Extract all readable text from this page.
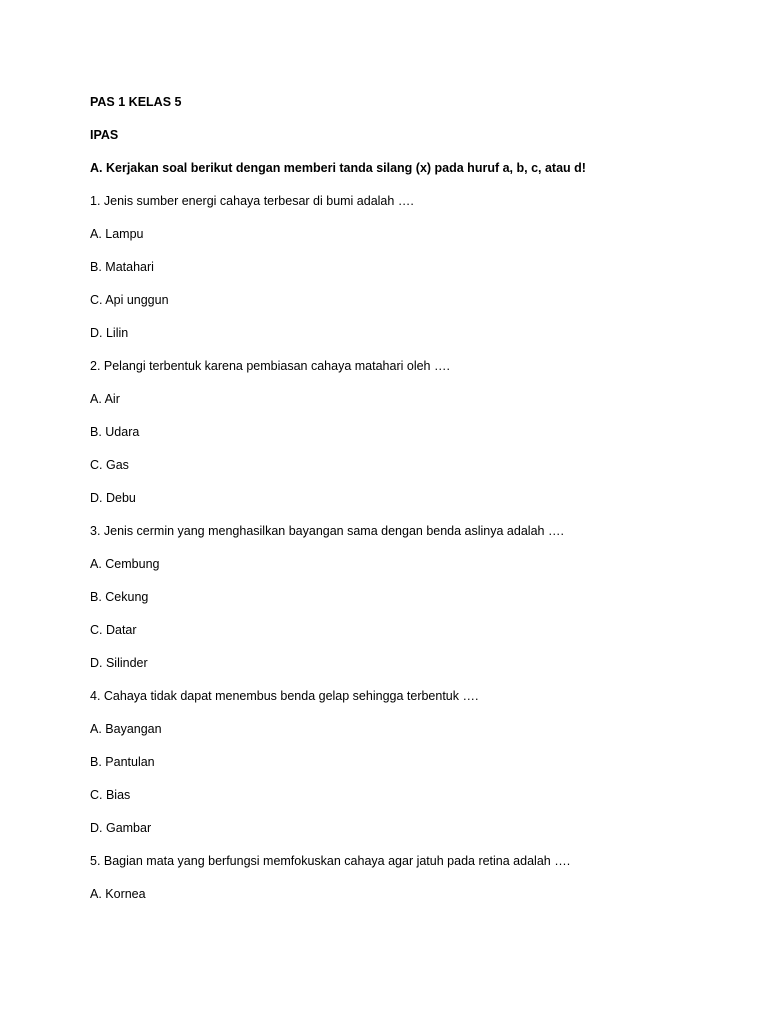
PAS 1 KELAS 5
IPAS
A. Kerjakan soal berikut dengan memberi tanda silang (x) pada huruf a, b, c, atau d!
1. Jenis sumber energi cahaya terbesar di bumi adalah ….
A. Lampu
B. Matahari
C. Api unggun
D. Lilin
2. Pelangi terbentuk karena pembiasan cahaya matahari oleh ….
A. Air
B. Udara
C. Gas
D. Debu
3. Jenis cermin yang menghasilkan bayangan sama dengan benda aslinya adalah ….
A. Cembung
B. Cekung
C. Datar
D. Silinder
4. Cahaya tidak dapat menembus benda gelap sehingga terbentuk ….
A. Bayangan
B. Pantulan
C. Bias
D. Gambar
5. Bagian mata yang berfungsi memfokuskan cahaya agar jatuh pada retina adalah ….
A. Kornea
